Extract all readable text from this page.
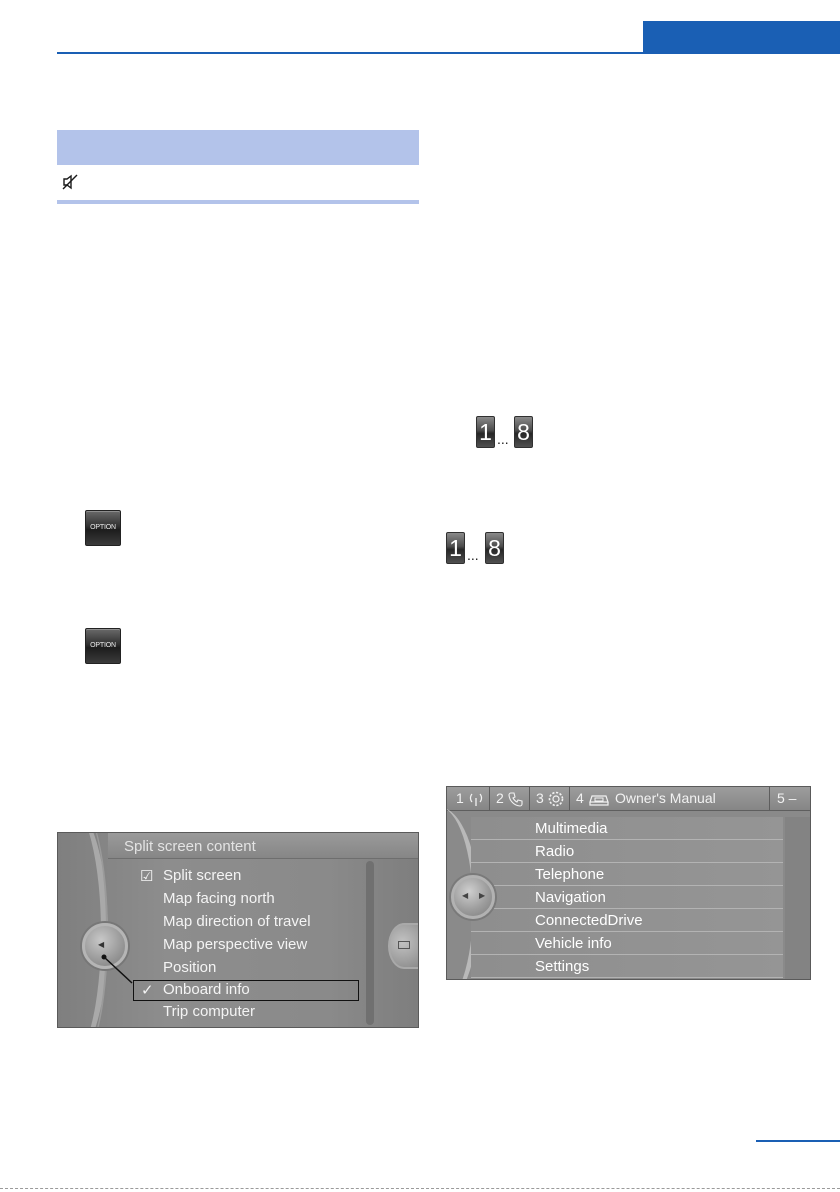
OPTION
OPTION
1 ... 8
1 ... 8
Split screen content
☑ Split screen
Map facing north
Map direction of travel
Map perspective view
Position
✓ Onboard info
Trip computer
◀
1 2 3 4 Owner's Manual	5 –
Multimedia
Radio
Telephone
Navigation
ConnectedDrive
Vehicle info
Settings
◀ ▶
